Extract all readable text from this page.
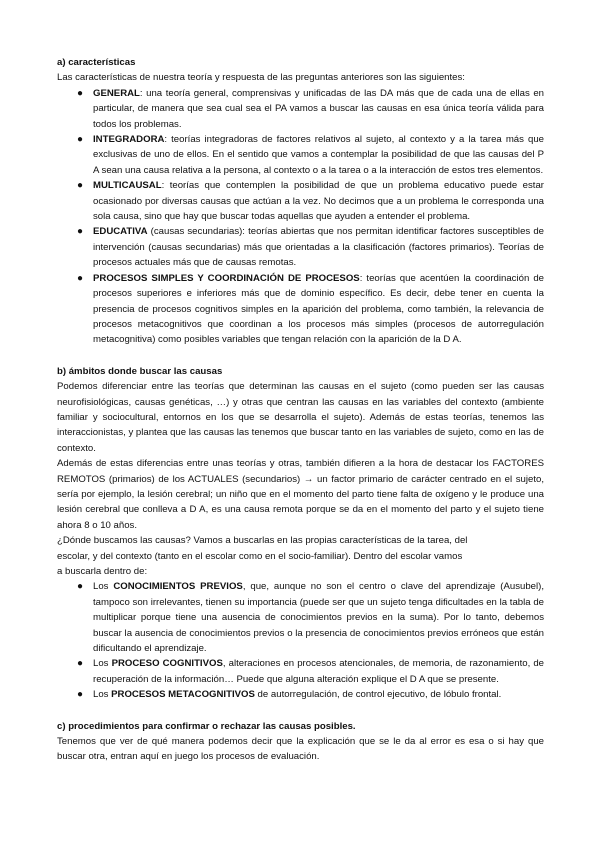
a) características

Las características de nuestra teoría y respuesta de las preguntas anteriores son las siguientes:

● GENERAL: una teoría general, comprensivas y unificadas de las DA más que de cada una de ellas en particular, de manera que sea cual sea el PA vamos a buscar las causas en esa única teoría válida para todos los problemas.
● INTEGRADORA: teorías integradoras de factores relativos al sujeto, al contexto y a la tarea más que exclusivas de uno de ellos. En el sentido que vamos a contemplar la posibilidad de que las causas del P A sean una causa relativa a la persona, al contexto o a la tarea o a la interacción de estos tres elementos.
● MULTICAUSAL: teorías que contemplen la posibilidad de que un problema educativo puede estar ocasionado por diversas causas que actúan a la vez. No decimos que a un problema le corresponda una sola causa, sino que hay que buscar todas aquellas que ayuden a entender el problema.
● EDUCATIVA (causas secundarias): teorías abiertas que nos permitan identificar factores susceptibles de intervención (causas secundarias) más que orientadas a la clasificación (factores primarios). Teorías de procesos actuales más que de causas remotas.
● PROCESOS SIMPLES Y COORDINACIÓN DE PROCESOS: teorías que acentúen la coordinación de procesos superiores e inferiores más que de dominio específico. Es decir, debe tener en cuenta la presencia de procesos cognitivos simples en la aparición del problema, como también, la relevancia de procesos metacognitivos que coordinan a los procesos más simples (procesos de autorregulación metacognitiva) como posibles variables que tengan relación con la aparición de la D A.

b) ámbitos donde buscar las causas

Podemos diferenciar entre las teorías que determinan las causas en el sujeto (como pueden ser las causas neurofisiológicas, causas genéticas, …) y otras que centran las causas en las variables del contexto (ambiente familiar y sociocultural, entornos en los que se desarrolla el sujeto). Además de estas teorías, tenemos las interaccionistas, y plantea que las causas las tenemos que buscar tanto en las variables de sujeto, como en las de contexto.

Además de estas diferencias entre unas teorías y otras, también difieren a la hora de destacar los FACTORES REMOTOS (primarios) de los ACTUALES (secundarios) → un factor primario de carácter centrado en el sujeto, sería por ejemplo, la lesión cerebral; un niño que en el momento del parto tiene falta de oxígeno y le produce una lesión cerebral que conlleva a D A, es una causa remota porque se da en el momento del parto y el sujeto tiene ahora 8 o 10 años.

¿Dónde buscamos las causas? Vamos a buscarlas en las propias características de la tarea, del

escolar, y del contexto (tanto en el escolar como en el socio-familiar). Dentro del escolar vamos

a buscarla dentro de:

● Los CONOCIMIENTOS PREVIOS, que, aunque no son el centro o clave del aprendizaje (Ausubel), tampoco son irrelevantes, tienen su importancia (puede ser que un sujeto tenga dificultades en la tabla de multiplicar porque tiene una ausencia de conocimientos previos en la suma). Por lo tanto, debemos buscar la ausencia de conocimientos previos o la presencia de conocimientos previos erróneos que están dificultando el aprendizaje.
● Los PROCESO COGNITIVOS, alteraciones en procesos atencionales, de memoria, de razonamiento, de recuperación de la información… Puede que alguna alteración explique el D A que se presente.
● Los PROCESOS METACOGNITIVOS de autorregulación, de control ejecutivo, de lóbulo frontal.

c) procedimientos para confirmar o rechazar las causas posibles.

Tenemos que ver de qué manera podemos decir que la explicación que se le da al error es esa o si hay que buscar otra, entran aquí en juego los procesos de evaluación.
